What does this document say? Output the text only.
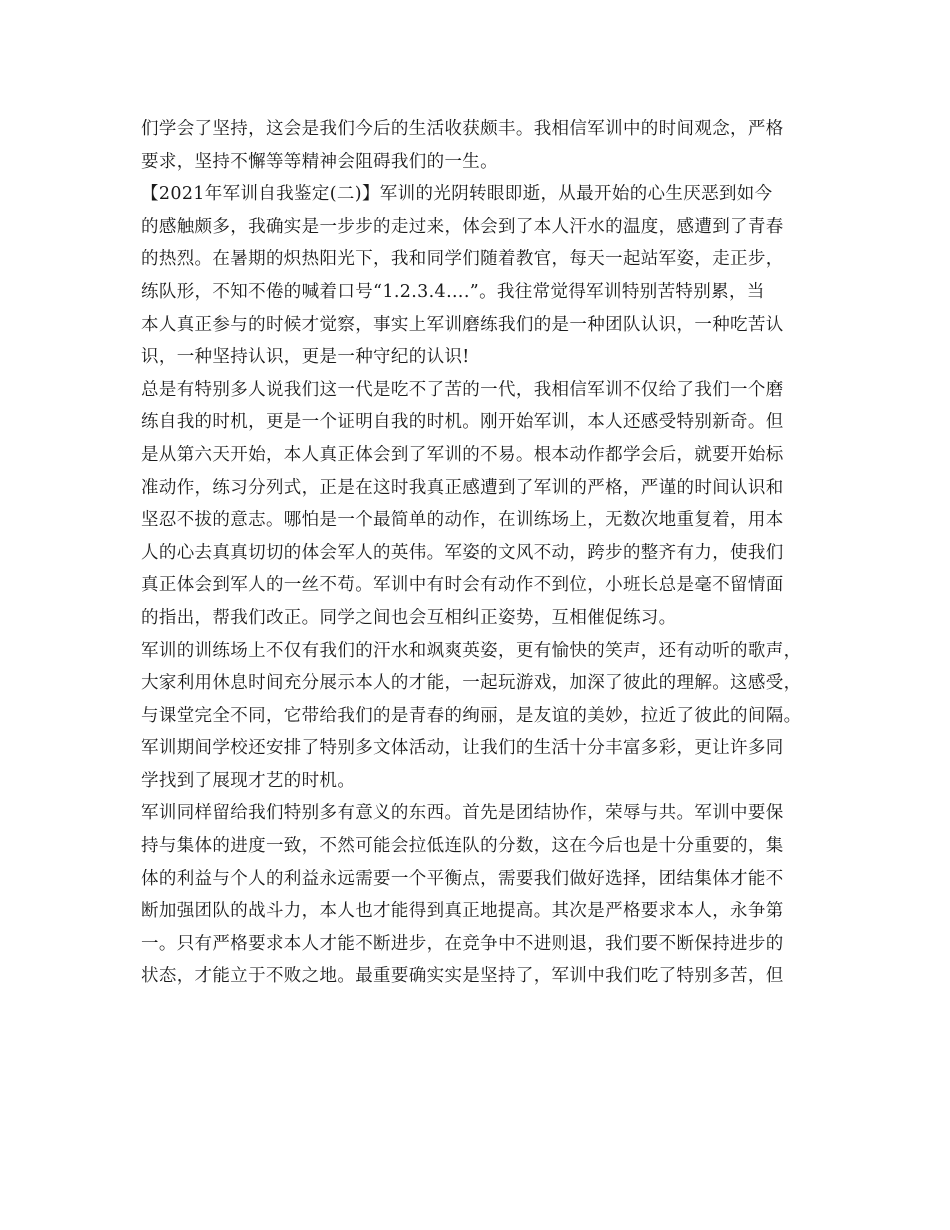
们学会了坚持，这会是我们今后的生活收获颇丰。我相信军训中的时间观念，严格
要求，坚持不懈等等精神会阻碍我们的一生。
【2021年军训自我鉴定(二)】军训的光阴转眼即逝，从最开始的心生厌恶到如今
的感触颇多，我确实是一步步的走过来，体会到了本人汗水的温度，感遭到了青春
的热烈。在暑期的炽热阳光下，我和同学们随着教官，每天一起站军姿，走正步，
练队形，不知不倦的喊着口号“1.2.3.4….”。我往常觉得军训特别苦特别累，当
本人真正参与的时候才觉察，事实上军训磨练我们的是一种团队认识，一种吃苦认
识，一种坚持认识，更是一种守纪的认识!
总是有特别多人说我们这一代是吃不了苦的一代，我相信军训不仅给了我们一个磨
练自我的时机，更是一个证明自我的时机。刚开始军训，本人还感受特别新奇。但
是从第六天开始，本人真正体会到了军训的不易。根本动作都学会后，就要开始标
准动作，练习分列式，正是在这时我真正感遭到了军训的严格，严谨的时间认识和
坚忍不拔的意志。哪怕是一个最简单的动作，在训练场上，无数次地重复着，用本
人的心去真真切切的体会军人的英伟。军姿的文风不动，跨步的整齐有力，使我们
真正体会到军人的一丝不苟。军训中有时会有动作不到位，小班长总是毫不留情面
的指出，帮我们改正。同学之间也会互相纠正姿势，互相催促练习。
军训的训练场上不仅有我们的汗水和飒爽英姿，更有愉快的笑声，还有动听的歌声，
大家利用休息时间充分展示本人的才能，一起玩游戏，加深了彼此的理解。这感受，
与课堂完全不同，它带给我们的是青春的绚丽，是友谊的美妙，拉近了彼此的间隔。
军训期间学校还安排了特别多文体活动，让我们的生活十分丰富多彩，更让许多同
学找到了展现才艺的时机。
军训同样留给我们特别多有意义的东西。首先是团结协作，荣辱与共。军训中要保
持与集体的进度一致，不然可能会拉低连队的分数，这在今后也是十分重要的，集
体的利益与个人的利益永远需要一个平衡点，需要我们做好选择，团结集体才能不
断加强团队的战斗力，本人也才能得到真正地提高。其次是严格要求本人，永争第
一。只有严格要求本人才能不断进步，在竞争中不进则退，我们要不断保持进步的
状态，才能立于不败之地。最重要确实实是坚持了，军训中我们吃了特别多苦，但
